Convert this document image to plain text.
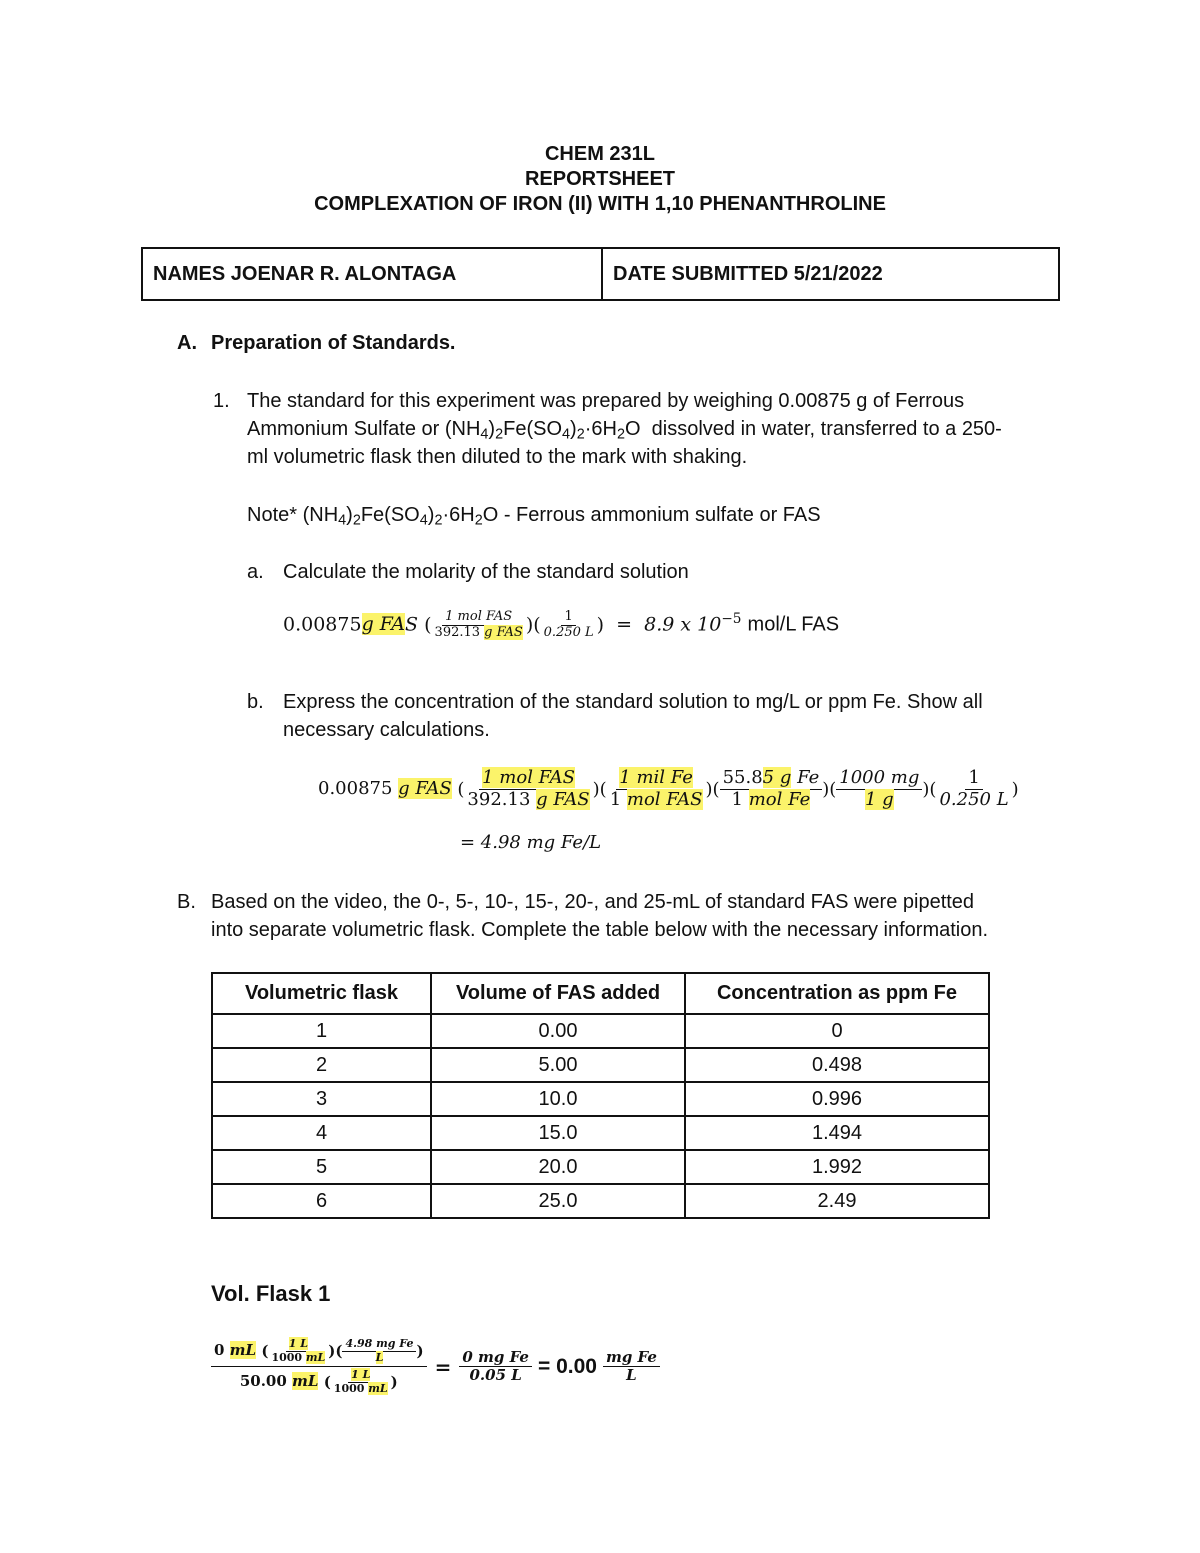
CHEM 231L
REPORTSHEET
COMPLEXATION OF IRON (II) WITH 1,10 PHENANTHROLINE
NAMES JOENAR R. ALONTAGA	DATE SUBMITTED 5/21/2022
A. Preparation of Standards.
1. The standard for this experiment was prepared by weighing 0.00875 g of Ferrous
Ammonium Sulfate or $(NH_4)_2Fe(SO_4)_2\cdot 6H_2O$ dissolved in water, transferred to a 250-
ml volumetric flask then diluted to the mark with shaking.
Note* $(NH_4)_2Fe(SO_4)_2\cdot 6H_2O$ - Ferrous ammonium sulfate or FAS
a. Calculate the molarity of the standard solution
0.00875g FAS ( $\frac{\text{1 mol FAS}}{\text{392.13 g FAS}}$ )( $\frac{1}{0.250 L}$ ) = 8.9 x $10^{-5}$ mol/L FAS
b. Express the concentration of the standard solution to mg/L or ppm Fe. Show all
necessary calculations.
0.00875 g FAS ( $\frac{\text{1 mol FAS}}{\text{392.13 g FAS}}$ )( $\frac{\text{1 mil Fe}}{\text{1 mol FAS}}$ )( $\frac{\text{55.85 g Fe}}{\text{1 mol Fe}}$ )( $\frac{1000 mg}{1 g}$ )( $\frac{1}{0.250 L}$ )
= 4.98 mg Fe/L
B. Based on the video, the 0-, 5-, 10-, 15-, 20-, and 25-mL of standard FAS were pipetted
into separate volumetric flask. Complete the table below with the necessary information.
Volumetric flask	Volume of FAS added	Concentration as ppm Fe
1	0.00	0
2	5.00	0.498
3	10.0	0.996
4	15.0	1.494
5	20.0	1.992
6	25.0	2.49
Vol. Flask 1
$\frac{0 mL ( \frac{1 L}{1000 mL} )( \frac{\text{4.98 mg Fe}}{L} )}{50.00 mL ( \frac{1 L}{1000 mL} )} = \frac{\text{0 mg Fe}}{0.05 L} = 0.00 \frac{\text{mg Fe}}{L}$
